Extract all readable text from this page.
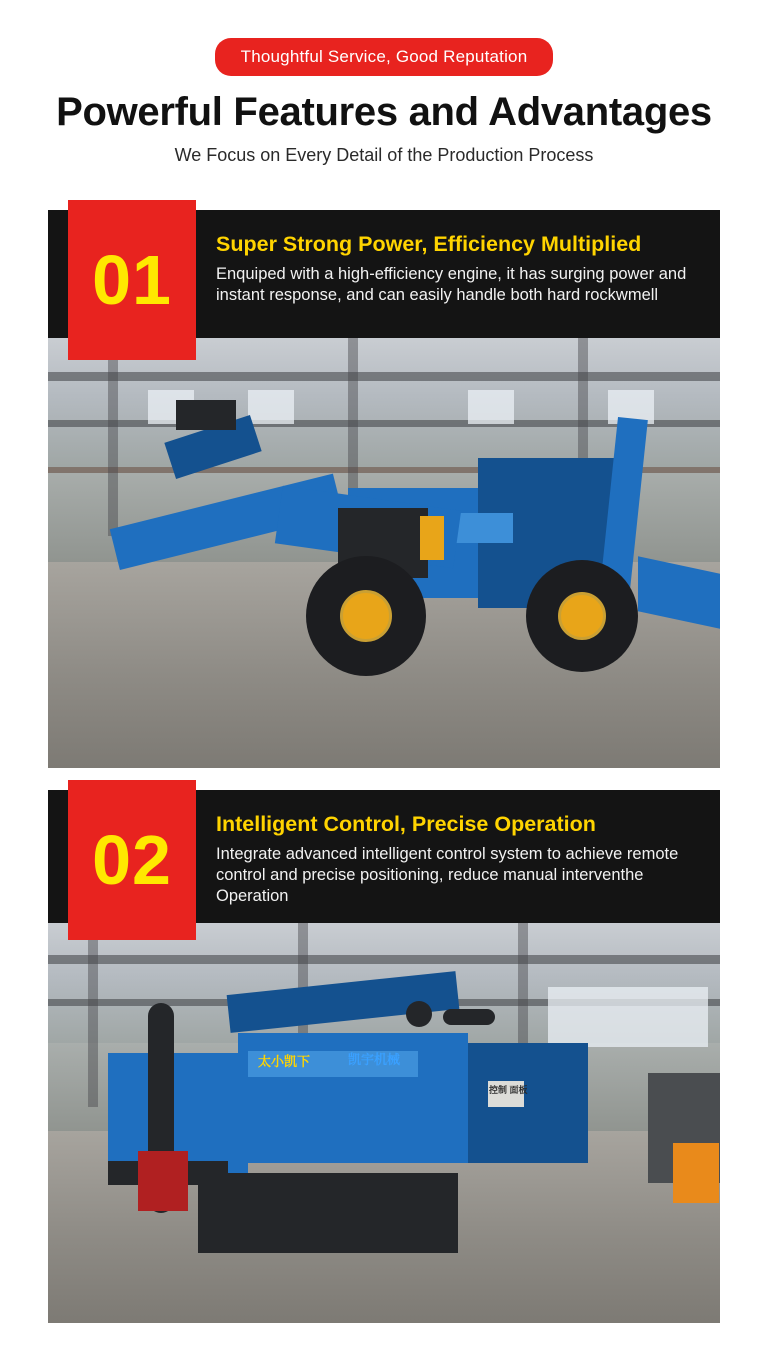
Thoughtful Service, Good Reputation
Powerful Features and Advantages

We Focus on Every Detail of the Production Process

01	Super Strong Power, Efficiency Multiplied

Enquiped with a high-efficiency engine, it has surging power and instant response, and can easily handle both hard rockwmell

02	Intelligent Control, Precise Operation

Integrate advanced intelligent control system to achieve remote control and precise positioning, reduce manual interventhe Operation

太小凯下	凯宇机械
控制 面板
